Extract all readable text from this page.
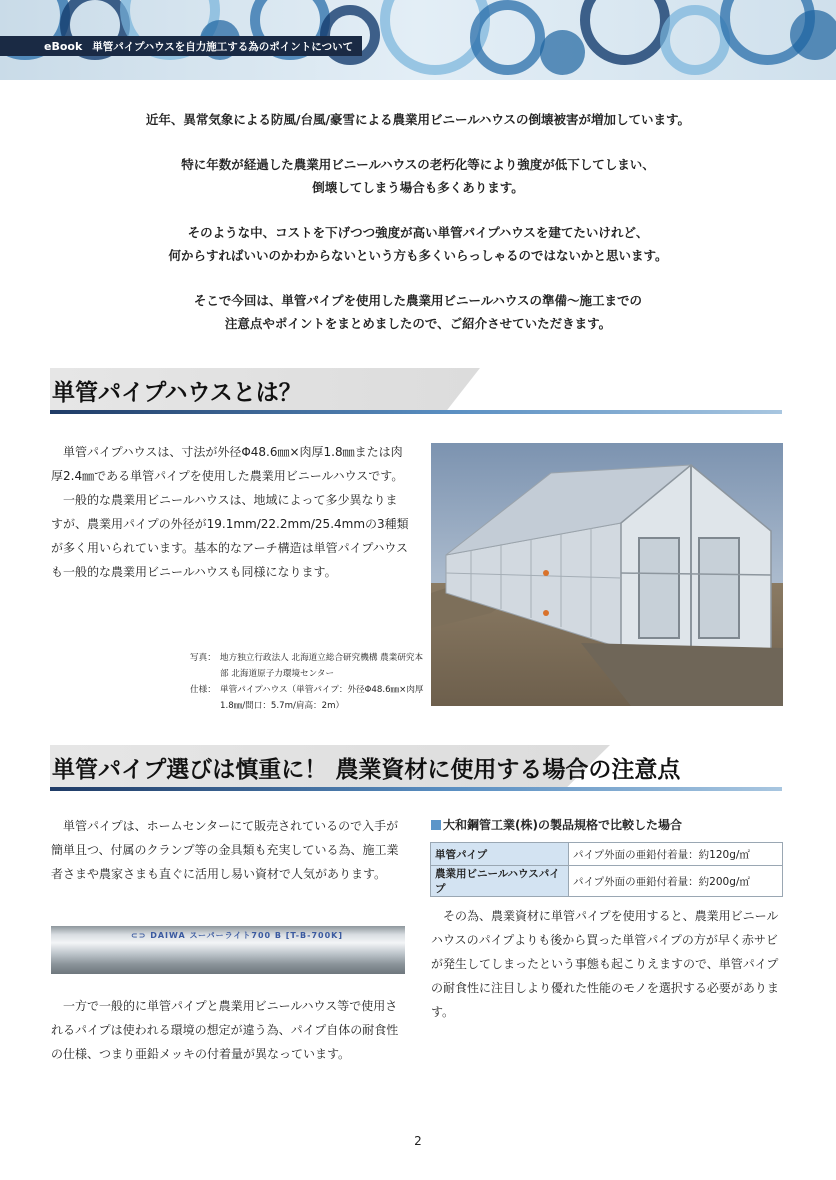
eBook 単管パイプハウスを自力施工する為のポイントについて

近年、異常気象による防風/台風/豪雪による農業用ビニールハウスの倒壊被害が増加しています。

特に年数が経過した農業用ビニールハウスの老朽化等により強度が低下してしまい、
倒壊してしまう場合も多くあります。

そのような中、コストを下げつつ強度が高い単管パイプハウスを建てたいけれど、
何からすればいいのかわからないという方も多くいらっしゃるのではないかと思います。

そこで今回は、単管パイプを使用した農業用ビニールハウスの準備～施工までの
注意点やポイントをまとめましたので、ご紹介させていただきます。

単管パイプハウスとは？

単管パイプハウスは、寸法が外径Φ48.6㎜×肉厚1.8㎜または肉厚2.4㎜である単管パイプを使用した農業用ビニールハウスです。

一般的な農業用ビニールハウスは、地域によって多少異なりますが、農業用パイプの外径が19.1mm/22.2mm/25.4mmの3種類が多く用いられています。基本的なアーチ構造は単管パイプハウスも一般的な農業用ビニールハウスも同様になります。

写真： 地方独立行政法人 北海道立総合研究機構 農業研究本部 北海道原子力環境センター
仕様： 単管パイプハウス（単管パイプ：外径Φ48.6㎜×肉厚1.8㎜/間口：5.7m/肩高：2m）
単管パイプ選びは慎重に！ 農業資材に使用する場合の注意点

単管パイプは、ホームセンターにて販売されているので入手が簡単且つ、付属のクランプ等の金具類も充実している為、施工業者さまや農家さまも直ぐに活用し易い資材で人気があります。

⊂⊃ DAIWA スーパーライト700 B [T-B-700K]

一方で一般的に単管パイプと農業用ビニールハウス等で使用されるパイプは使われる環境の想定が違う為、パイプ自体の耐食性の仕様、つまり亜鉛メッキの付着量が異なっています。

大和鋼管工業(株)の製品規格で比較した場合
単管パイプ	パイプ外面の亜鉛付着量：約120g/㎡
農業用ビニールハウスパイプ	パイプ外面の亜鉛付着量：約200g/㎡

その為、農業資材に単管パイプを使用すると、農業用ビニールハウスのパイプよりも後から買った単管パイプの方が早く赤サビが発生してしまったという事態も起こりえますので、単管パイプの耐食性に注目しより優れた性能のモノを選択する必要があります。

2
